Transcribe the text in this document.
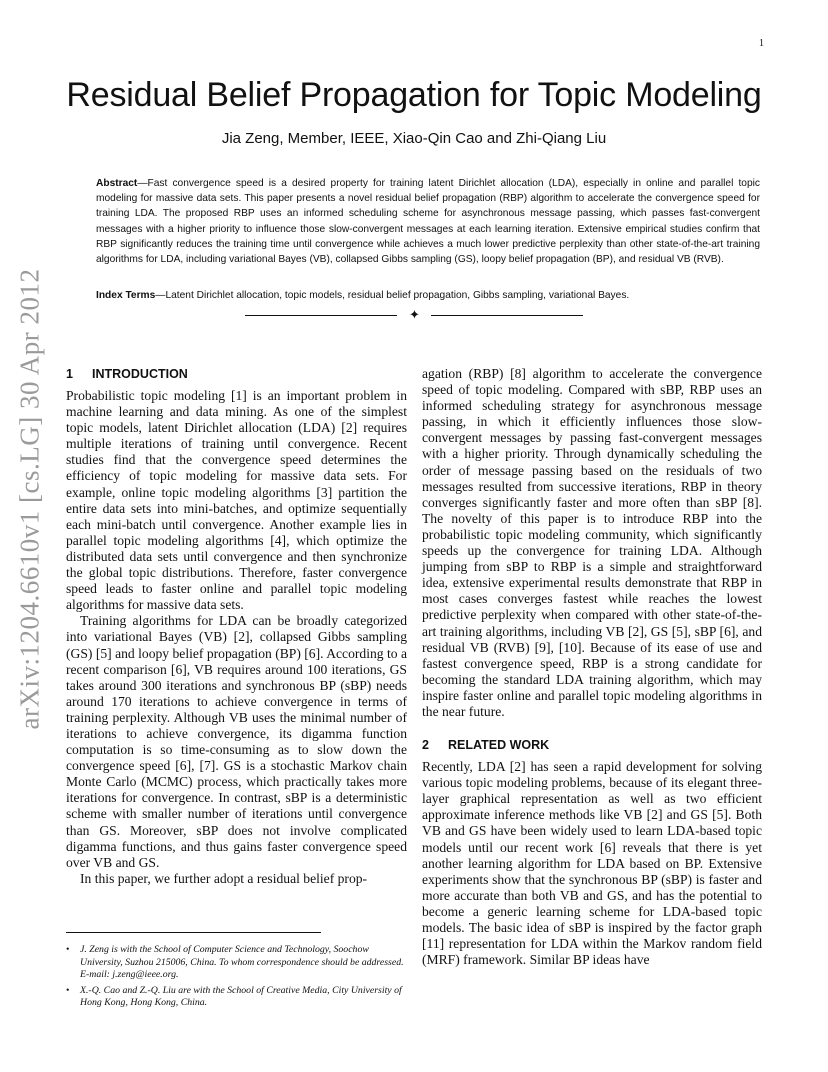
1
arXiv:1204.6610v1 [cs.LG] 30 Apr 2012
Residual Belief Propagation for Topic Modeling
Jia Zeng, Member, IEEE, Xiao-Qin Cao and Zhi-Qiang Liu
Abstract—Fast convergence speed is a desired property for training latent Dirichlet allocation (LDA), especially in online and parallel topic modeling for massive data sets. This paper presents a novel residual belief propagation (RBP) algorithm to accelerate the convergence speed for training LDA. The proposed RBP uses an informed scheduling scheme for asynchronous message passing, which passes fast-convergent messages with a higher priority to influence those slow-convergent messages at each learning iteration. Extensive empirical studies confirm that RBP significantly reduces the training time until convergence while achieves a much lower predictive perplexity than other state-of-the-art training algorithms for LDA, including variational Bayes (VB), collapsed Gibbs sampling (GS), loopy belief propagation (BP), and residual VB (RVB).
Index Terms—Latent Dirichlet allocation, topic models, residual belief propagation, Gibbs sampling, variational Bayes.
✦
1 INTRODUCTION

Probabilistic topic modeling [1] is an important problem in machine learning and data mining. As one of the simplest topic models, latent Dirichlet allocation (LDA) [2] requires multiple iterations of training until convergence. Recent studies find that the convergence speed determines the efficiency of topic modeling for massive data sets. For example, online topic modeling algorithms [3] partition the entire data sets into mini-batches, and optimize sequentially each mini-batch until convergence. Another example lies in parallel topic modeling algorithms [4], which optimize the distributed data sets until convergence and then synchronize the global topic distributions. Therefore, faster convergence speed leads to faster online and parallel topic modeling algorithms for massive data sets.

Training algorithms for LDA can be broadly categorized into variational Bayes (VB) [2], collapsed Gibbs sampling (GS) [5] and loopy belief propagation (BP) [6]. According to a recent comparison [6], VB requires around 100 iterations, GS takes around 300 iterations and synchronous BP (sBP) needs around 170 iterations to achieve convergence in terms of training perplexity. Although VB uses the minimal number of iterations to achieve convergence, its digamma function computation is so time-consuming as to slow down the convergence speed [6], [7]. GS is a stochastic Markov chain Monte Carlo (MCMC) process, which practically takes more iterations for convergence. In contrast, sBP is a deterministic scheme with smaller number of iterations until convergence than GS. Moreover, sBP does not involve complicated digamma functions, and thus gains faster convergence speed over VB and GS.

In this paper, we further adopt a residual belief prop-

• J. Zeng is with the School of Computer Science and Technology, Soochow University, Suzhou 215006, China. To whom correspondence should be addressed. E-mail: j.zeng@ieee.org.
• X.-Q. Cao and Z.-Q. Liu are with the School of Creative Media, City University of Hong Kong, Hong Kong, China.

agation (RBP) [8] algorithm to accelerate the convergence speed of topic modeling. Compared with sBP, RBP uses an informed scheduling strategy for asynchronous message passing, in which it efficiently influences those slow-convergent messages by passing fast-convergent messages with a higher priority. Through dynamically scheduling the order of message passing based on the residuals of two messages resulted from successive iterations, RBP in theory converges significantly faster and more often than sBP [8]. The novelty of this paper is to introduce RBP into the probabilistic topic modeling community, which significantly speeds up the convergence for training LDA. Although jumping from sBP to RBP is a simple and straightforward idea, extensive experimental results demonstrate that RBP in most cases converges fastest while reaches the lowest predictive perplexity when compared with other state-of-the-art training algorithms, including VB [2], GS [5], sBP [6], and residual VB (RVB) [9], [10]. Because of its ease of use and fastest convergence speed, RBP is a strong candidate for becoming the standard LDA training algorithm, which may inspire faster online and parallel topic modeling algorithms in the near future.

2 RELATED WORK

Recently, LDA [2] has seen a rapid development for solving various topic modeling problems, because of its elegant three-layer graphical representation as well as two efficient approximate inference methods like VB [2] and GS [5]. Both VB and GS have been widely used to learn LDA-based topic models until our recent work [6] reveals that there is yet another learning algorithm for LDA based on BP. Extensive experiments show that the synchronous BP (sBP) is faster and more accurate than both VB and GS, and has the potential to become a generic learning scheme for LDA-based topic models. The basic idea of sBP is inspired by the factor graph [11] representation for LDA within the Markov random field (MRF) framework. Similar BP ideas have
